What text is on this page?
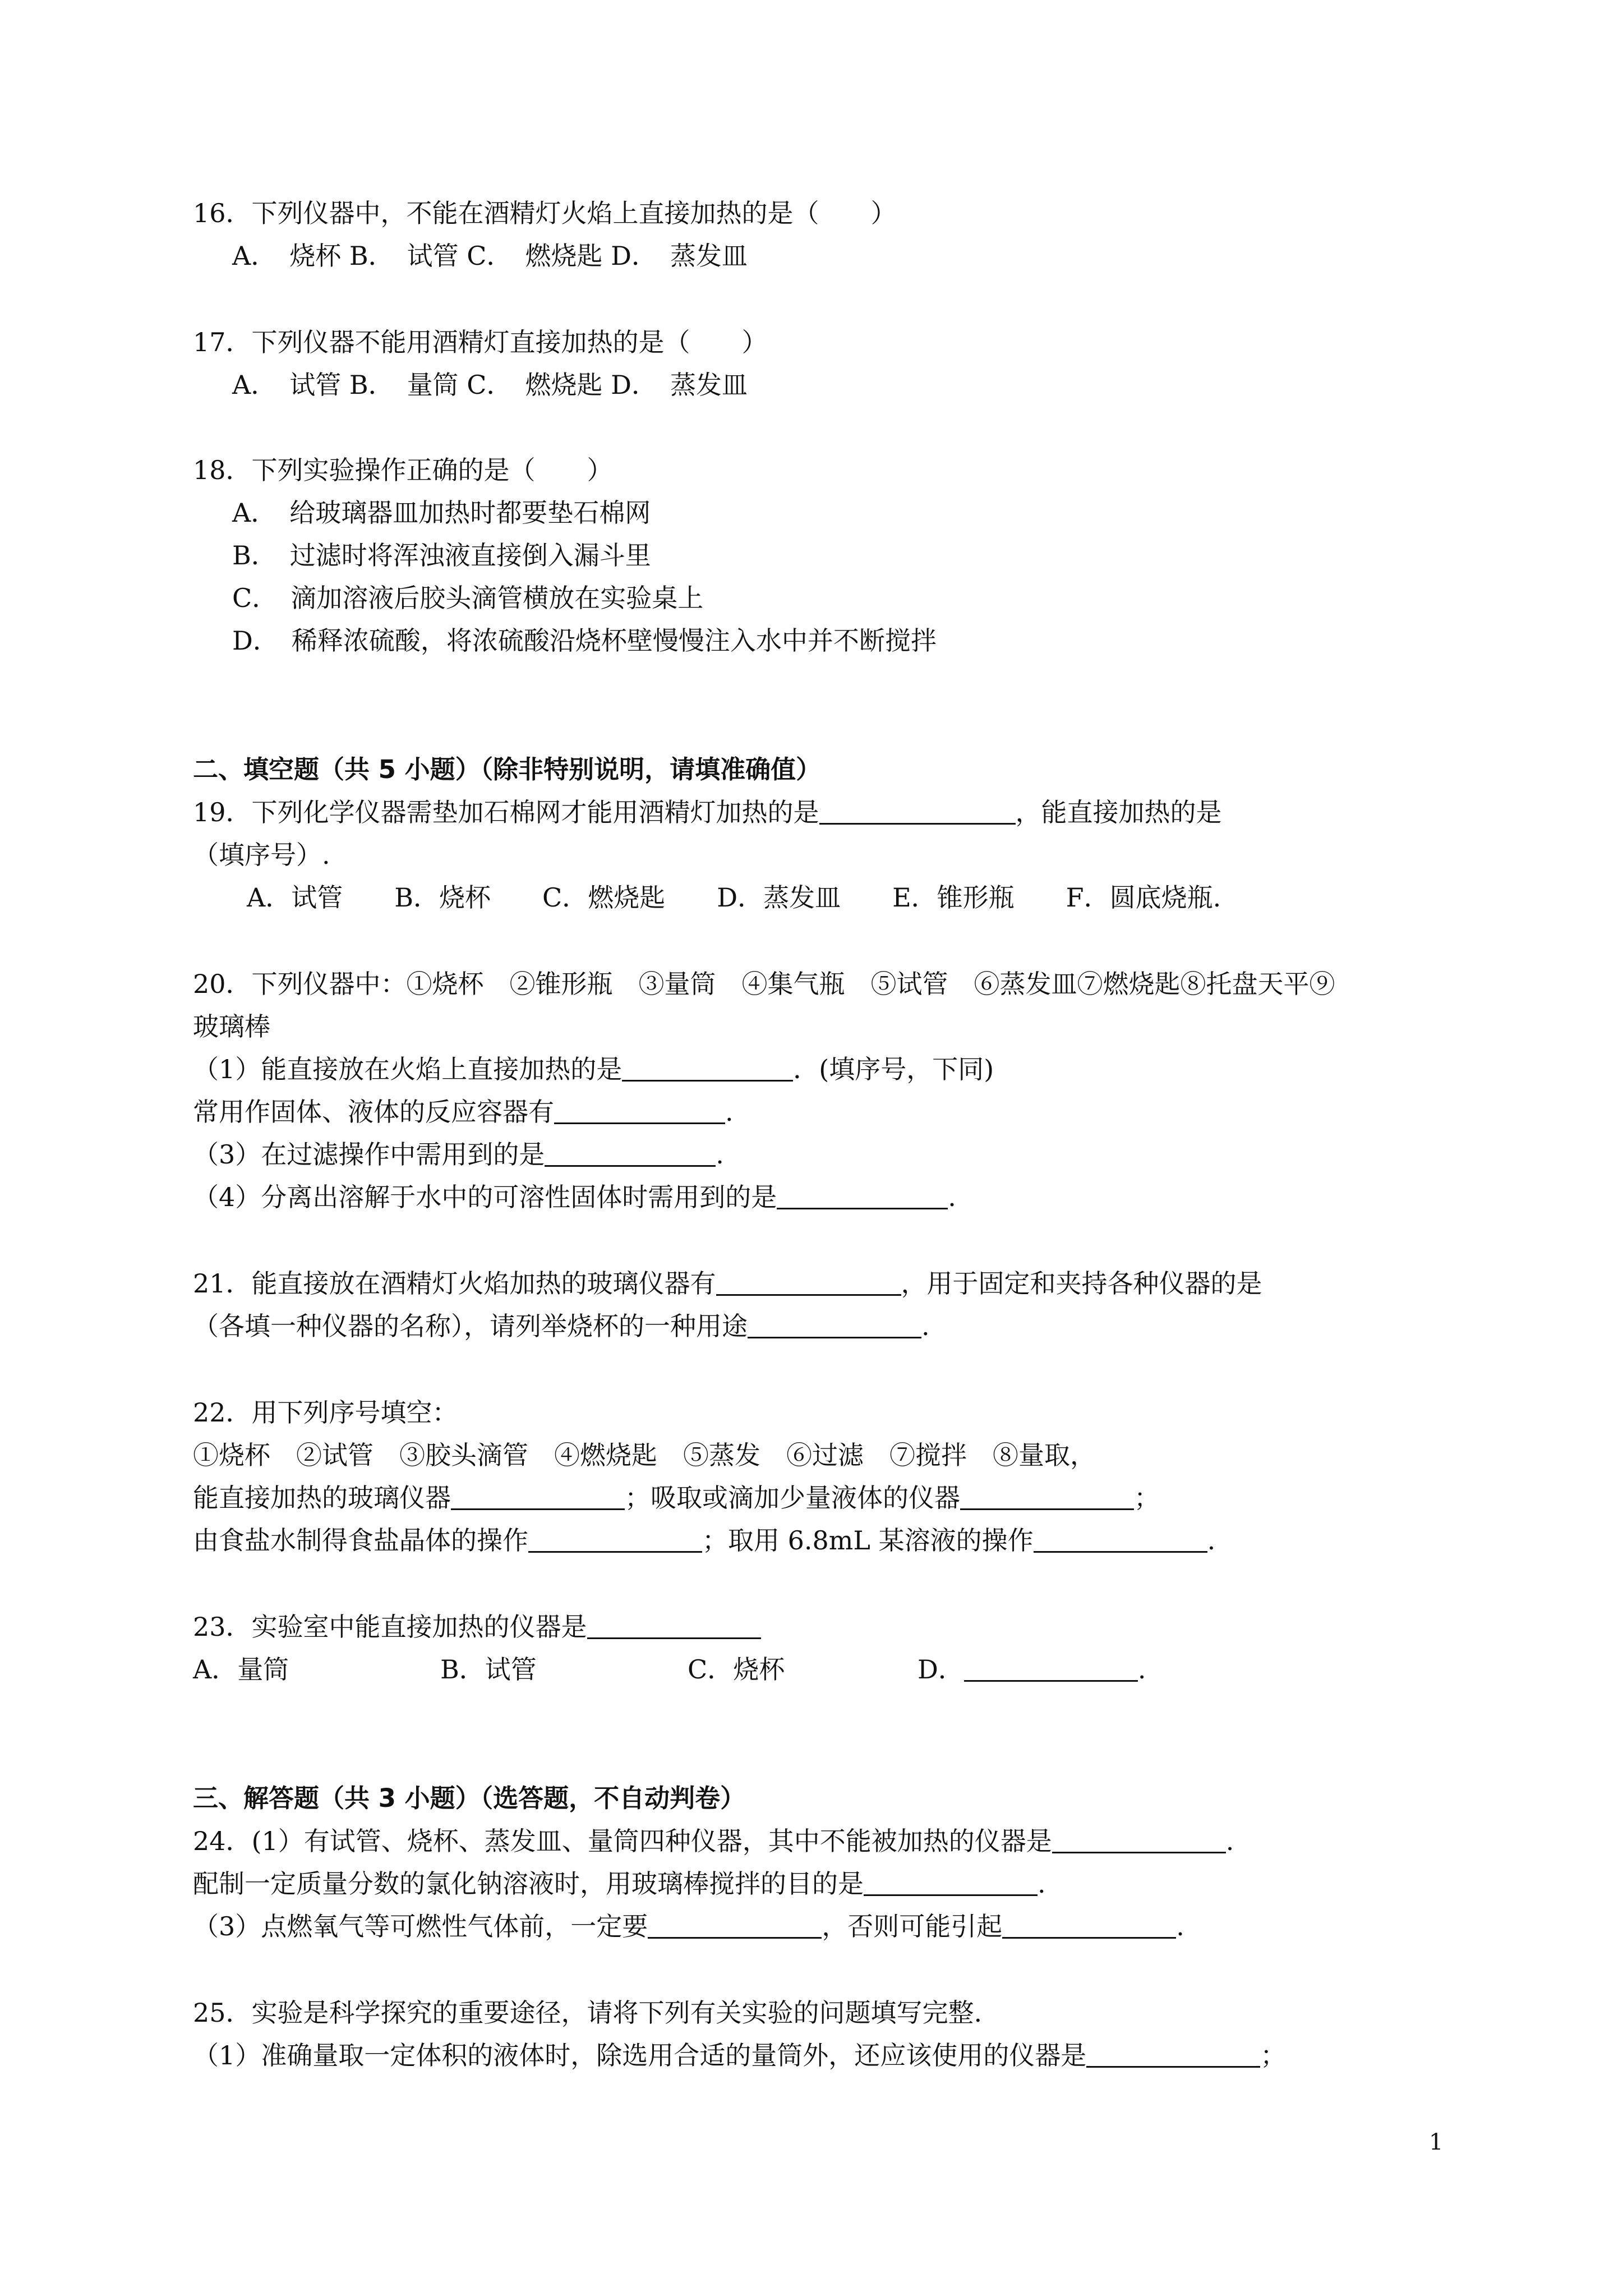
16．下列仪器中，不能在酒精灯火焰上直接加热的是（　　）
A．　烧杯 B．　试管 C．　燃烧匙 D．　蒸发皿
17．下列仪器不能用酒精灯直接加热的是（　　）
A．　试管 B．　量筒 C．　燃烧匙 D．　蒸发皿
18．下列实验操作正确的是（　　）
A．　给玻璃器皿加热时都要垫石棉网
B．　过滤时将浑浊液直接倒入漏斗里
C．　滴加溶液后胶头滴管横放在实验桌上
D．　稀释浓硫酸，将浓硫酸沿烧杯壁慢慢注入水中并不断搅拌
二、填空题（共 5 小题）（除非特别说明，请填准确值）
19．下列化学仪器需垫加石棉网才能用酒精灯加热的是	，能直接加热的是
（填序号）.
A．试管　　B．烧杯　　C．燃烧匙　　D．蒸发皿　　E．锥形瓶　　F．圆底烧瓶.
20．下列仪器中：①烧杯　②锥形瓶　③量筒　④集气瓶　⑤试管　⑥蒸发皿⑦燃烧匙⑧托盘天平⑨
玻璃棒
（1）能直接放在火焰上直接加热的是	．(填序号，下同)
常用作固体、液体的反应容器有	.
（3）在过滤操作中需用到的是	.
（4）分离出溶解于水中的可溶性固体时需用到的是	.
21．能直接放在酒精灯火焰加热的玻璃仪器有	，用于固定和夹持各种仪器的是
（各填一种仪器的名称），请列举烧杯的一种用途	.
22．用下列序号填空：
①烧杯　②试管　③胶头滴管　④燃烧匙　⑤蒸发　⑥过滤　⑦搅拌　⑧量取，
能直接加热的玻璃仪器	；吸取或滴加少量液体的仪器	；
由食盐水制得食盐晶体的操作	；取用 6.8mL 某溶液的操作	.
23．实验室中能直接加热的仪器是
A．量筒	B．试管	C．烧杯	D．	.
三、解答题（共 3 小题）（选答题，不自动判卷）
24．(1）有试管、烧杯、蒸发皿、量筒四种仪器，其中不能被加热的仪器是	.
配制一定质量分数的氯化钠溶液时，用玻璃棒搅拌的目的是	.
（3）点燃氧气等可燃性气体前，一定要	，否则可能引起	.
25．实验是科学探究的重要途径，请将下列有关实验的问题填写完整.
（1）准确量取一定体积的液体时，除选用合适的量筒外，还应该使用的仪器是	；
1
